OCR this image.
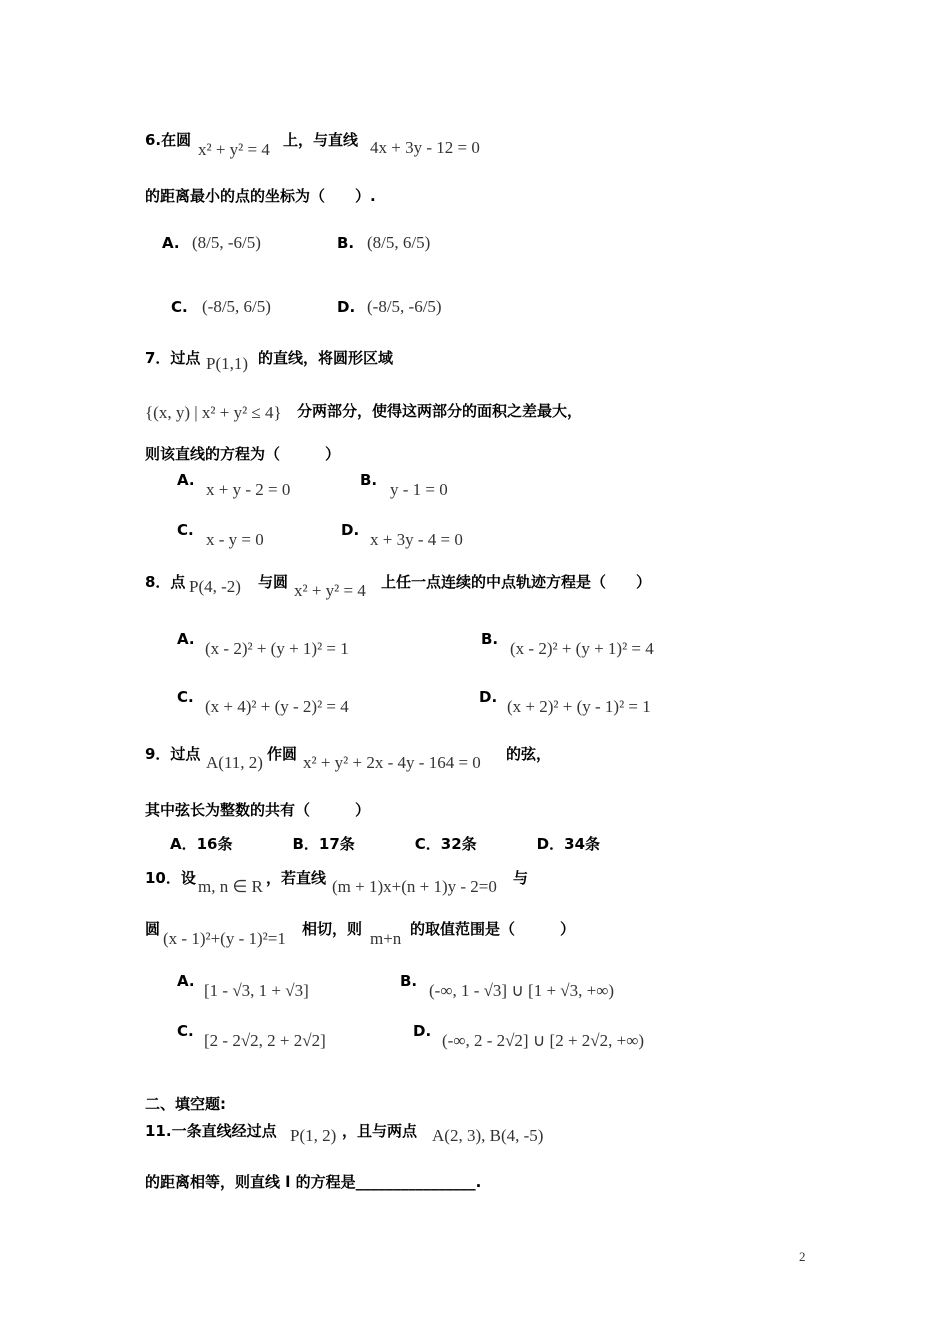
6.在圆 x² + y² = 4 上，与直线 4x + 3y - 12 = 0
的距离最小的点的坐标为（　　）.
A. (8/5, -6/5)	B. (8/5, 6/5)
C. (-8/5, 6/5)	D. (-8/5, -6/5)
7．过点 P(1,1) 的直线，将圆形区域
{(x, y) | x² + y² ≤ 4} 分两部分，使得这两部分的面积之差最大，
则该直线的方程为（　　　）
A. x + y - 2 = 0	B. y - 1 = 0
C. x - y = 0	D. x + 3y - 4 = 0
8．点 P(4, -2) 与圆 x² + y² = 4 上任一点连续的中点轨迹方程是（　　）
A. (x - 2)² + (y + 1)² = 1	B. (x - 2)² + (y + 1)² = 4
C. (x + 4)² + (y - 2)² = 4	D. (x + 2)² + (y - 1)² = 1
9．过点 A(11, 2) 作圆 x² + y² + 2x - 4y - 164 = 0 的弦，
其中弦长为整数的共有（　　　）
A．16条　　　　B．17条　　　　C．32条　　　　D．34条
10．设 m, n ∈ R ，若直线 (m + 1)x+(n + 1)y - 2=0 与
圆 (x - 1)²+(y - 1)²=1 相切，则 m+n 的取值范围是（　　　）
A. [1 - √3, 1 + √3]	B. (-∞, 1 - √3] ∪ [1 + √3, +∞)
C. [2 - 2√2, 2 + 2√2]	D. (-∞, 2 - 2√2] ∪ [2 + 2√2, +∞)
二、填空题:
11.一条直线经过点 P(1, 2) ，且与两点 A(2, 3), B(4, -5)
的距离相等，则直线 l 的方程是________________.
2
